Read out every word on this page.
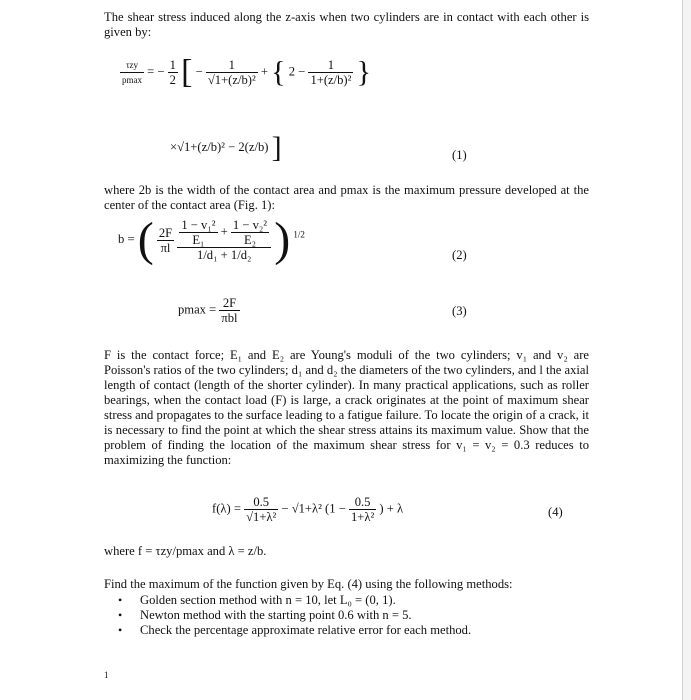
The shear stress induced along the z-axis when two cylinders are in contact with each other is given by:
$\frac{\text{τzy}}{pmax}$ = − $\frac{1}{2}$ [ − $\frac{1}{\text{√1+(z/b)²}}$ + { $2 - \frac{1}{\text{1+(z/b)²}}$ }
×√1+(z/b)² − 2(z/b) ]	(1)
where 2b is the width of the contact area and pmax is the maximum pressure developed at the center of the contact area (Fig. 1):
b = ( $\frac{2F}{\pi l}$
$\frac{\text{1 − v₁²}}{\text{E₁}} + \frac{\text{1 − v₂²}}{\text{E₂}}$
1/d₁ + 1/d₂ ) $^{1/2}$
(2)
$pmax = \frac{2F}{\text{πbl}}$	(3)
F is the contact force; E₁ and E₂ are Young's moduli of the two cylinders; v₁ and v₂ are Poisson's ratios of the two cylinders; d₁ and d₂ the diameters of the two cylinders, and l the axial length of contact (length of the shorter cylinder). In many practical applications, such as roller bearings, when the contact load (F) is large, a crack originates at the point of maximum shear stress and propagates to the surface leading to a fatigue failure. To locate the origin of a crack, it is necessary to find the point at which the shear stress attains its maximum value. Show that the problem of finding the location of the maximum shear stress for v₁ = v₂ = 0.3 reduces to maximizing the function:
$f(\lambda) = \frac{0.5}{\text{√1+λ²}} - √1+\lambda^2$ ($1 - \frac{0.5}{\text{1+λ²}}$ ) + λ	(4)
where f = τzy/pmax and λ = z/b.
Find the maximum of the function given by Eq. (4) using the following methods:
•	Golden section method with n = 10, let L₀ = (0, 1).
•	Newton method with the starting point 0.6 with n = 5.
•	Check the percentage approximate relative error for each method.
1
